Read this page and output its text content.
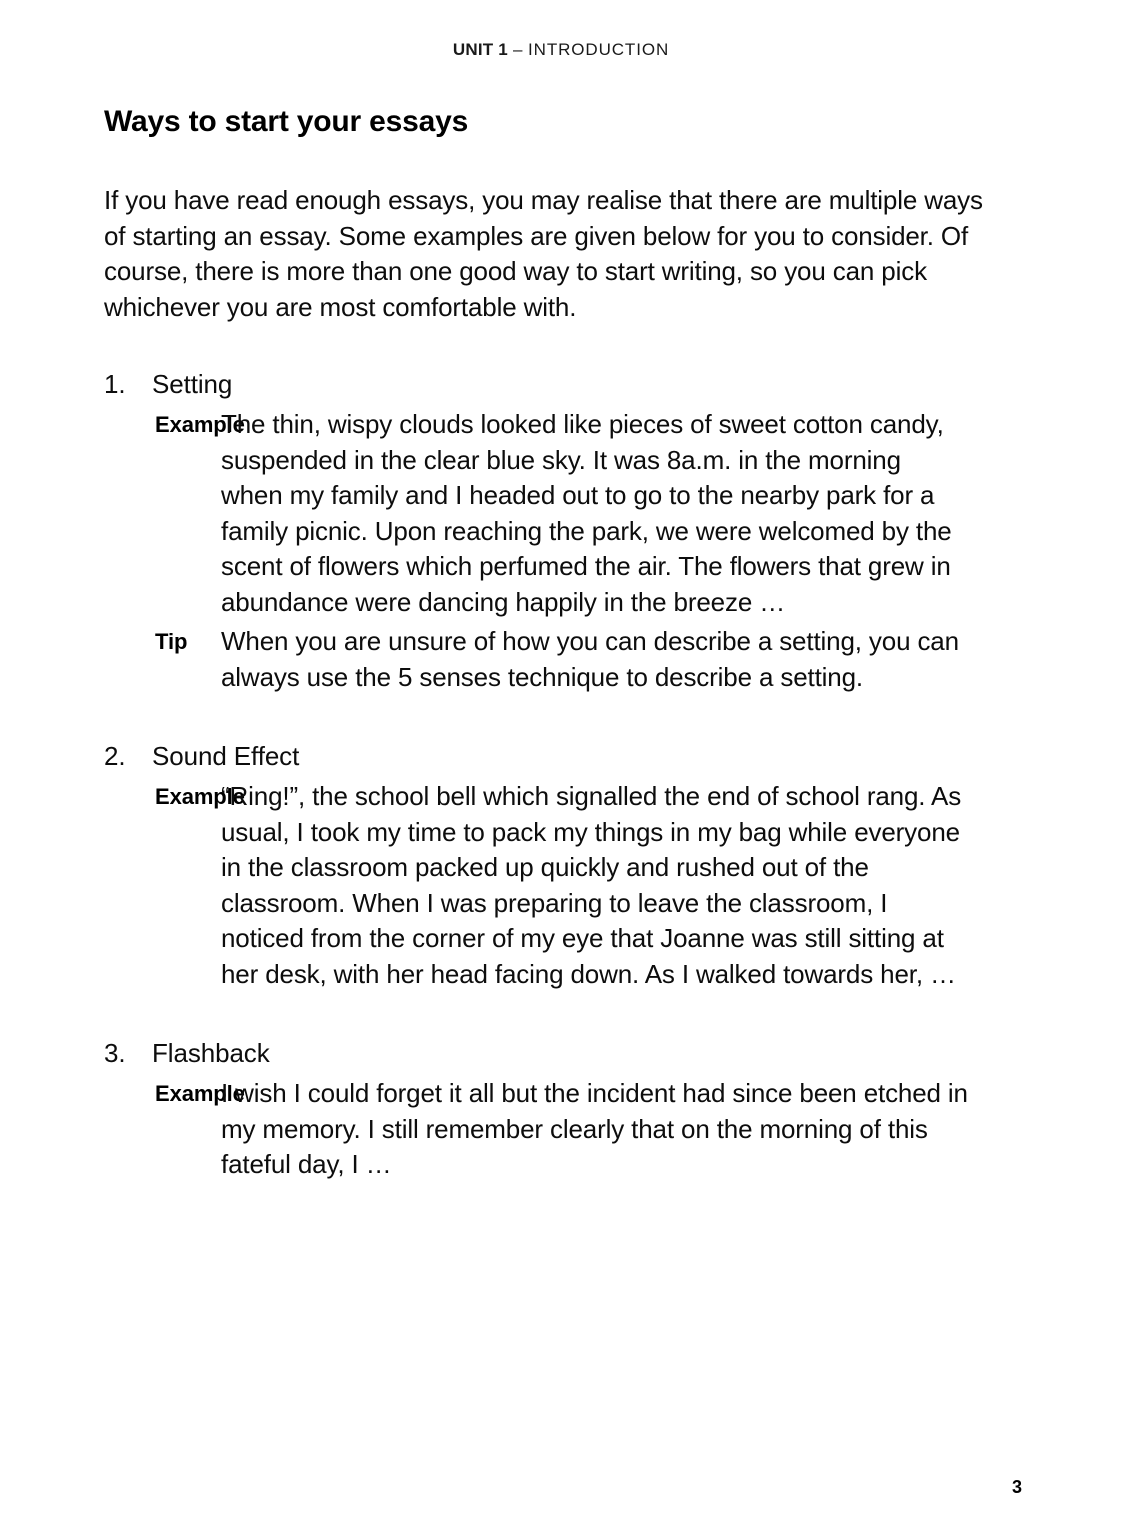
UNIT 1 – INTRODUCTION
Ways to start your essays

If you have read enough essays, you may realise that there are multiple ways of starting an essay. Some examples are given below for you to consider. Of course, there is more than one good way to start writing, so you can pick whichever you are most comfortable with.

1.	Setting
Example
The thin, wispy clouds looked like pieces of sweet cotton candy, suspended in the clear blue sky. It was 8a.m. in the morning when my family and I headed out to go to the nearby park for a family picnic. Upon reaching the park, we were welcomed by the scent of flowers which perfumed the air. The flowers that grew in abundance were dancing happily in the breeze …
Tip	When you are unsure of how you can describe a setting, you can always use the 5 senses technique to describe a setting.
2.	Sound Effect
Example
“Ring!”, the school bell which signalled the end of school rang. As usual, I took my time to pack my things in my bag while everyone in the classroom packed up quickly and rushed out of the classroom. When I was preparing to leave the classroom, I noticed from the corner of my eye that Joanne was still sitting at her desk, with her head facing down. As I walked towards her, …
3.	Flashback
Example
I wish I could forget it all but the incident had since been etched in my memory. I still remember clearly that on the morning of this fateful day, I …
3
